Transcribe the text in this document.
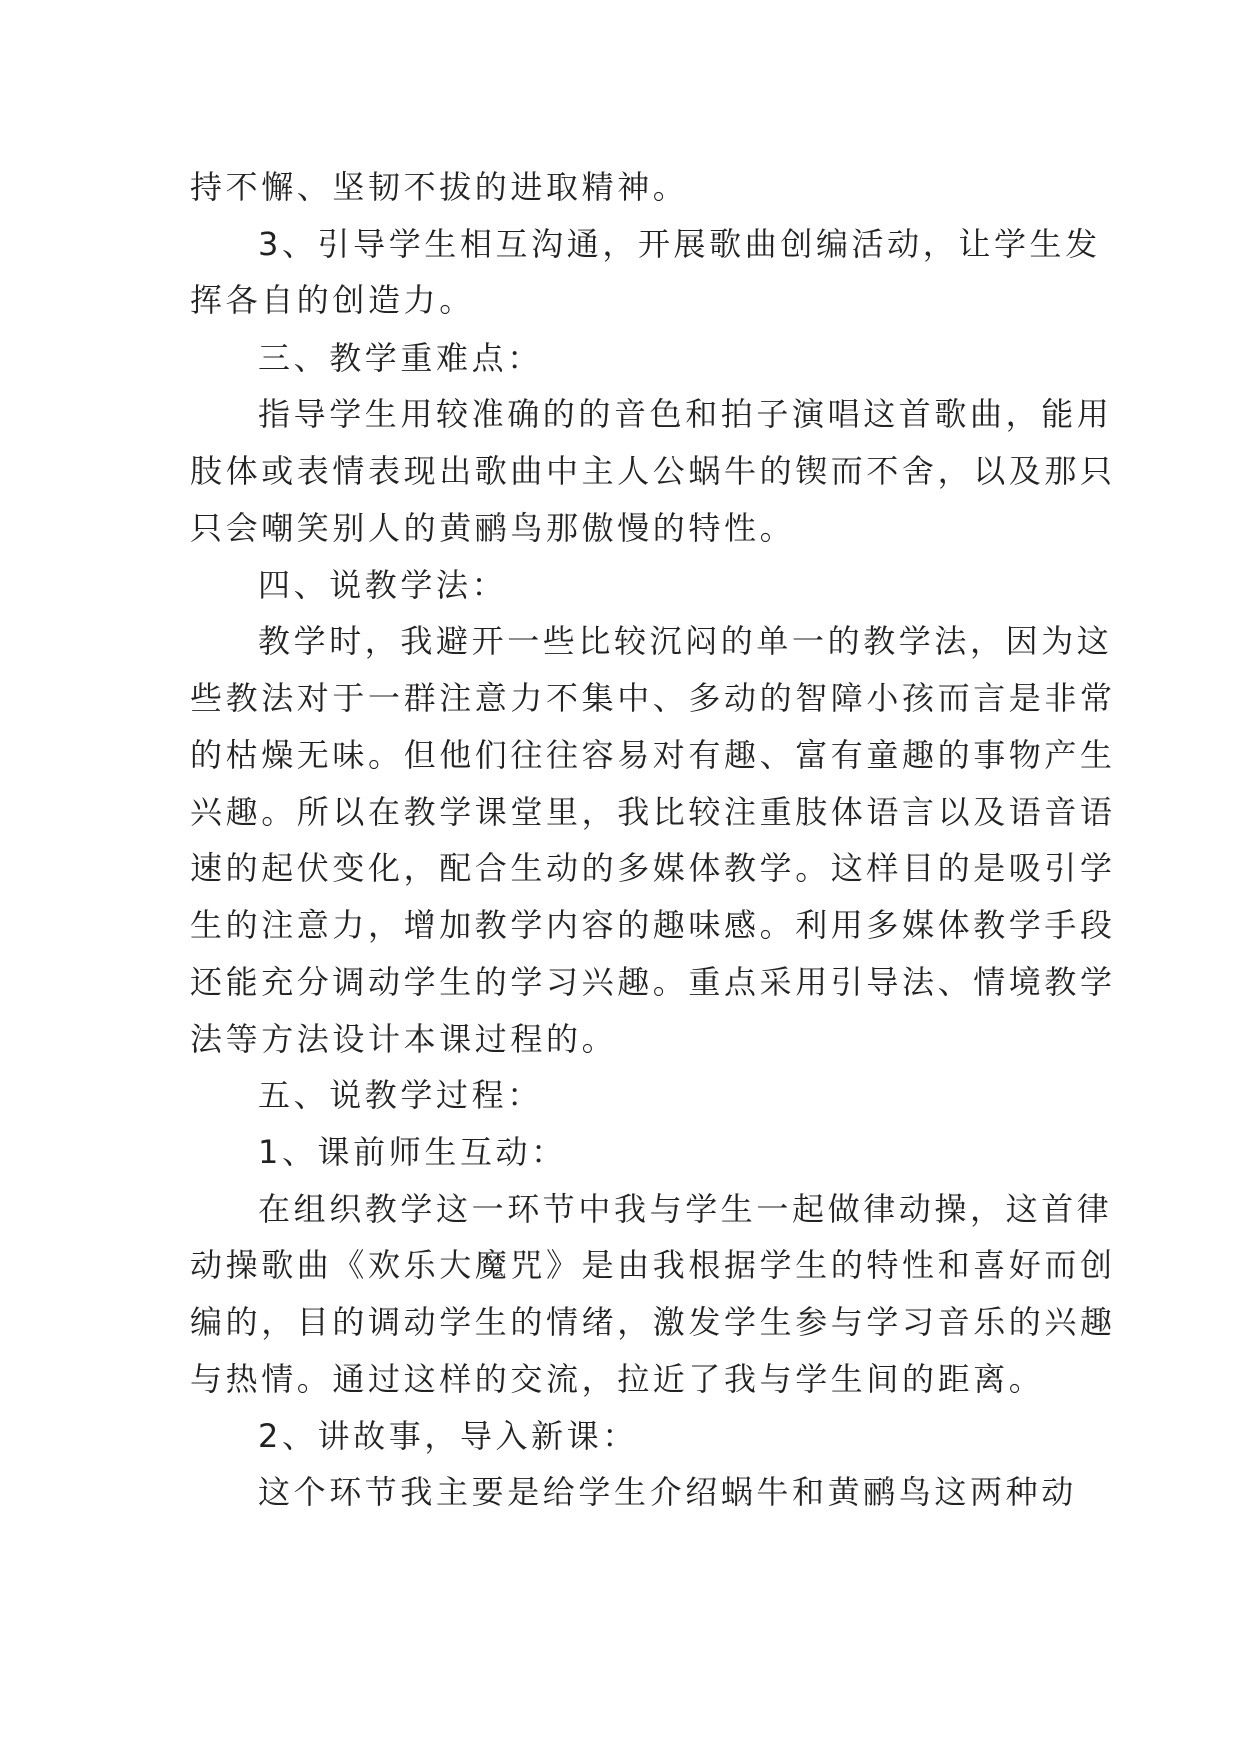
持不懈、坚韧不拔的进取精神。
3、引导学生相互沟通，开展歌曲创编活动，让学生发
挥各自的创造力。
三、教学重难点：
指导学生用较准确的的音色和拍子演唱这首歌曲，能用
肢体或表情表现出歌曲中主人公蜗牛的锲而不舍，以及那只
只会嘲笑别人的黄鹂鸟那傲慢的特性。
四、说教学法：
教学时，我避开一些比较沉闷的单一的教学法，因为这
些教法对于一群注意力不集中、多动的智障小孩而言是非常
的枯燥无味。但他们往往容易对有趣、富有童趣的事物产生
兴趣。所以在教学课堂里，我比较注重肢体语言以及语音语
速的起伏变化，配合生动的多媒体教学。这样目的是吸引学
生的注意力，增加教学内容的趣味感。利用多媒体教学手段
还能充分调动学生的学习兴趣。重点采用引导法、情境教学
法等方法设计本课过程的。
五、说教学过程：
1、课前师生互动：
在组织教学这一环节中我与学生一起做律动操，这首律
动操歌曲《欢乐大魔咒》是由我根据学生的特性和喜好而创
编的，目的调动学生的情绪，激发学生参与学习音乐的兴趣
与热情。通过这样的交流，拉近了我与学生间的距离。
2、讲故事，导入新课：
这个环节我主要是给学生介绍蜗牛和黄鹂鸟这两种动
